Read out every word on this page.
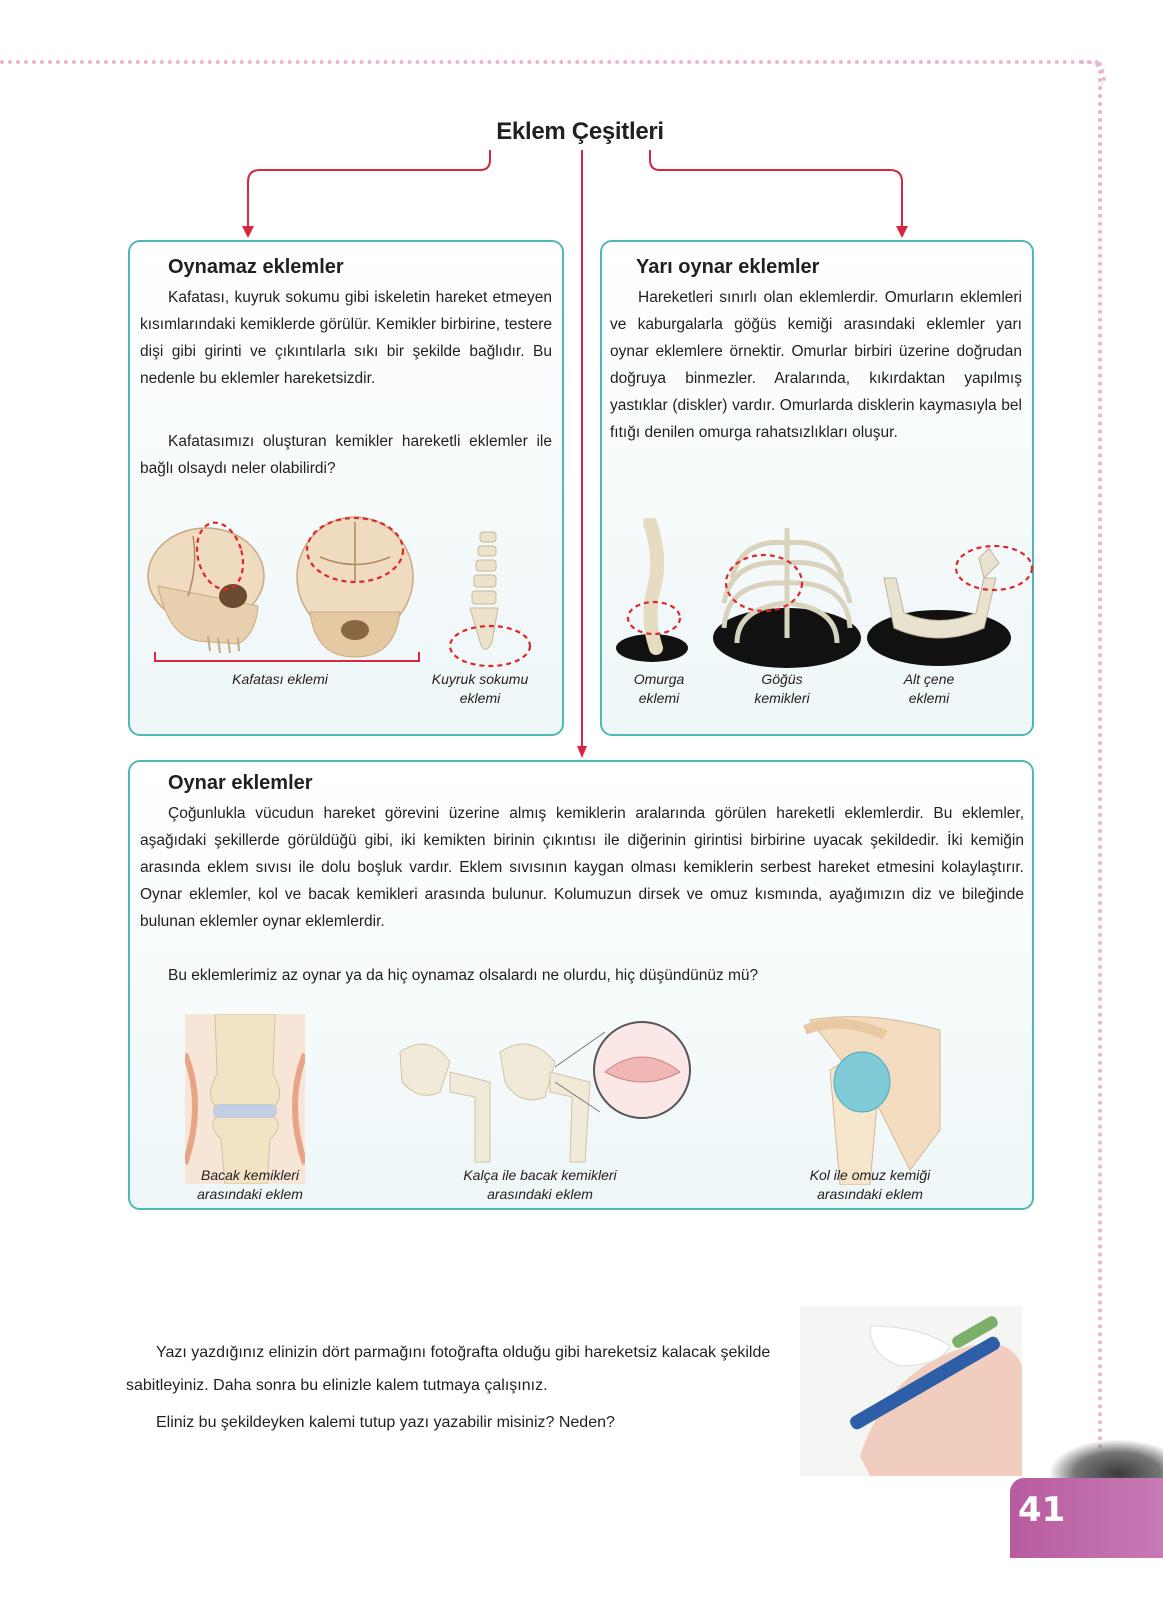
Eklem Çeşitleri
Oynamaz eklemler

Kafatası, kuyruk sokumu gibi iskeletin hareket etmeyen kısımlarındaki kemiklerde görülür. Kemikler birbirine, testere dişi gibi girinti ve çıkıntılarla sıkı bir şekilde bağlıdır. Bu nedenle bu eklemler hareketsizdir.

Kafatasımızı oluşturan kemikler hareketli eklemler ile bağlı olsaydı neler olabilirdi?

Kafatası eklemi	Kuyruk sokumu eklemi
Yarı oynar eklemler

Hareketleri sınırlı olan eklemlerdir. Omurların eklemleri ve kaburgalarla göğüs kemiği arasındaki eklemler yarı oynar eklemlere örnektir. Omurlar birbiri üzerine doğrudan doğruya binmezler. Aralarında, kıkırdaktan yapılmış yastıklar (diskler) vardır. Omurlarda disklerin kaymasıyla bel fıtığı denilen omurga rahatsızlıkları oluşur.

Omurga eklemi
Göğüs kemikleri
Alt çene eklemi
Oynar eklemler

Çoğunlukla vücudun hareket görevini üzerine almış kemiklerin aralarında görülen hareketli eklemlerdir. Bu eklemler, aşağıdaki şekillerde görüldüğü gibi, iki kemikten birinin çıkıntısı ile diğerinin girintisi birbirine uyacak şekildedir. İki kemiğin arasında eklem sıvısı ile dolu boşluk vardır. Eklem sıvısının kaygan olması kemiklerin serbest hareket etmesini kolaylaştırır. Oynar eklemler, kol ve bacak kemikleri arasında bulunur. Kolumuzun dirsek ve omuz kısmında, ayağımızın diz ve bileğinde bulunan eklemler oynar eklemlerdir.

Bu eklemlerimiz az oynar ya da hiç oynamaz olsalardı ne olurdu, hiç düşündünüz mü?

Bacak kemikleri arasındaki eklem
Kalça ile bacak kemikleri arasındaki eklem
Kol ile omuz kemiği arasındaki eklem
Yazı yazdığınız elinizin dört parmağını fotoğrafta olduğu gibi hareketsiz kalacak şekilde sabitleyiniz. Daha sonra bu elinizle kalem tutmaya çalışınız.
Eliniz bu şekildeyken kalemi tutup yazı yazabilir misiniz? Neden?
41
